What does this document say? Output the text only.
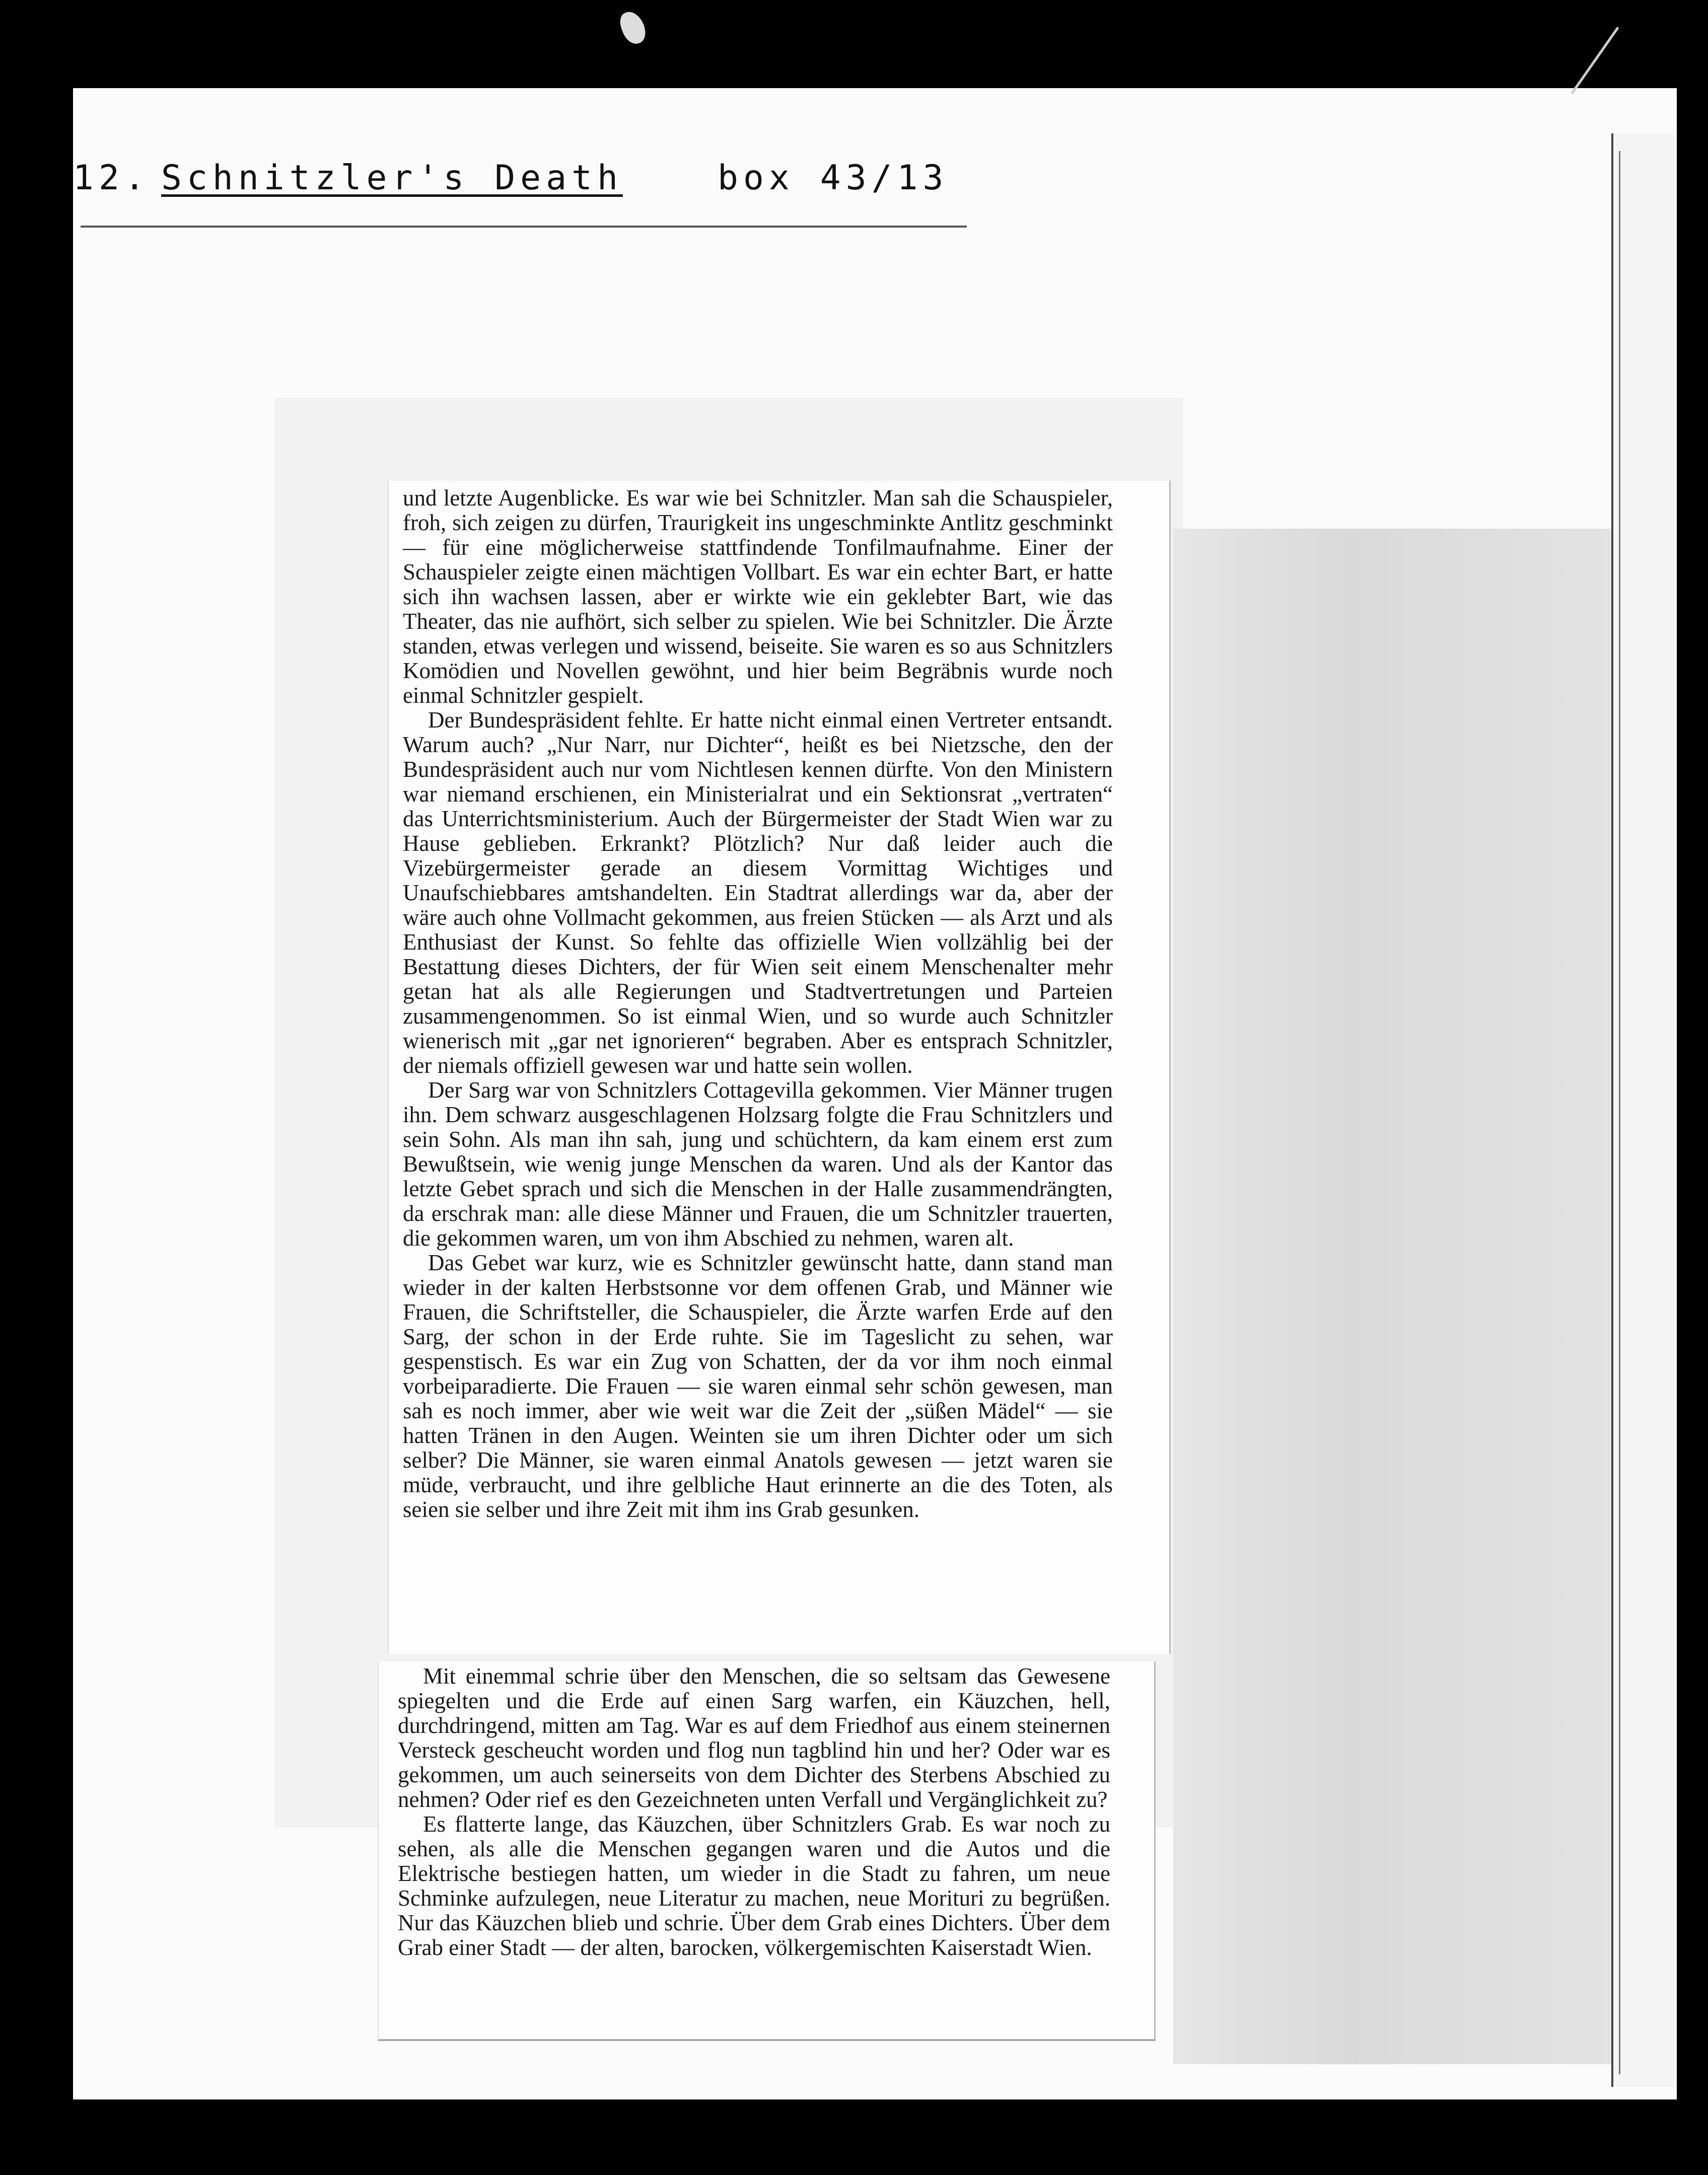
12. Schnitzler's Death	box 43/13

und letzte Augenblicke. Es war wie bei Schnitzler. Man sah die Schauspieler, froh, sich zeigen zu dürfen, Traurigkeit ins ungeschminkte Antlitz geschminkt — für eine möglicherweise stattfindende Tonfilmaufnahme. Einer der Schauspieler zeigte einen mächtigen Vollbart. Es war ein echter Bart, er hatte sich ihn wachsen lassen, aber er wirkte wie ein geklebter Bart, wie das Theater, das nie aufhört, sich selber zu spielen. Wie bei Schnitzler. Die Ärzte standen, etwas verlegen und wissend, beiseite. Sie waren es so aus Schnitzlers Komödien und Novellen gewöhnt, und hier beim Begräbnis wurde noch einmal Schnitzler gespielt.

Der Bundespräsident fehlte. Er hatte nicht einmal einen Vertreter entsandt. Warum auch? „Nur Narr, nur Dichter“, heißt es bei Nietzsche, den der Bundespräsident auch nur vom Nichtlesen kennen dürfte. Von den Ministern war niemand erschienen, ein Ministerialrat und ein Sektionsrat „vertraten“ das Unterrichtsministerium. Auch der Bürgermeister der Stadt Wien war zu Hause geblieben. Erkrankt? Plötzlich? Nur daß leider auch die Vizebürgermeister gerade an diesem Vormittag Wichtiges und Unaufschiebbares amtshandelten. Ein Stadtrat allerdings war da, aber der wäre auch ohne Vollmacht gekommen, aus freien Stücken — als Arzt und als Enthusiast der Kunst. So fehlte das offizielle Wien vollzählig bei der Bestattung dieses Dichters, der für Wien seit einem Menschenalter mehr getan hat als alle Regierungen und Stadtvertretungen und Parteien zusammengenommen. So ist einmal Wien, und so wurde auch Schnitzler wienerisch mit „gar net ignorieren“ begraben. Aber es entsprach Schnitzler, der niemals offiziell gewesen war und hatte sein wollen.

Der Sarg war von Schnitzlers Cottagevilla gekommen. Vier Männer trugen ihn. Dem schwarz ausgeschlagenen Holzsarg folgte die Frau Schnitzlers und sein Sohn. Als man ihn sah, jung und schüchtern, da kam einem erst zum Bewußtsein, wie wenig junge Menschen da waren. Und als der Kantor das letzte Gebet sprach und sich die Menschen in der Halle zusammendrängten, da erschrak man: alle diese Männer und Frauen, die um Schnitzler trauerten, die gekommen waren, um von ihm Abschied zu nehmen, waren alt.

Das Gebet war kurz, wie es Schnitzler gewünscht hatte, dann stand man wieder in der kalten Herbstsonne vor dem offenen Grab, und Männer wie Frauen, die Schriftsteller, die Schauspieler, die Ärzte warfen Erde auf den Sarg, der schon in der Erde ruhte. Sie im Tageslicht zu sehen, war gespenstisch. Es war ein Zug von Schatten, der da vor ihm noch einmal vorbeiparadierte. Die Frauen — sie waren einmal sehr schön gewesen, man sah es noch immer, aber wie weit war die Zeit der „süßen Mädel“ — sie hatten Tränen in den Augen. Weinten sie um ihren Dichter oder um sich selber? Die Männer, sie waren einmal Anatols gewesen — jetzt waren sie müde, verbraucht, und ihre gelbliche Haut erinnerte an die des Toten, als seien sie selber und ihre Zeit mit ihm ins Grab gesunken.

Mit einemmal schrie über den Menschen, die so seltsam das Gewesene spiegelten und die Erde auf einen Sarg warfen, ein Käuzchen, hell, durchdringend, mitten am Tag. War es auf dem Friedhof aus einem steinernen Versteck gescheucht worden und flog nun tagblind hin und her? Oder war es gekommen, um auch seinerseits von dem Dichter des Sterbens Abschied zu nehmen? Oder rief es den Gezeichneten unten Verfall und Vergänglichkeit zu?

Es flatterte lange, das Käuzchen, über Schnitzlers Grab. Es war noch zu sehen, als alle die Menschen gegangen waren und die Autos und die Elektrische bestiegen hatten, um wieder in die Stadt zu fahren, um neue Schminke aufzulegen, neue Literatur zu machen, neue Morituri zu begrüßen. Nur das Käuzchen blieb und schrie. Über dem Grab eines Dichters. Über dem Grab einer Stadt — der alten, barocken, völkergemischten Kaiserstadt Wien.
